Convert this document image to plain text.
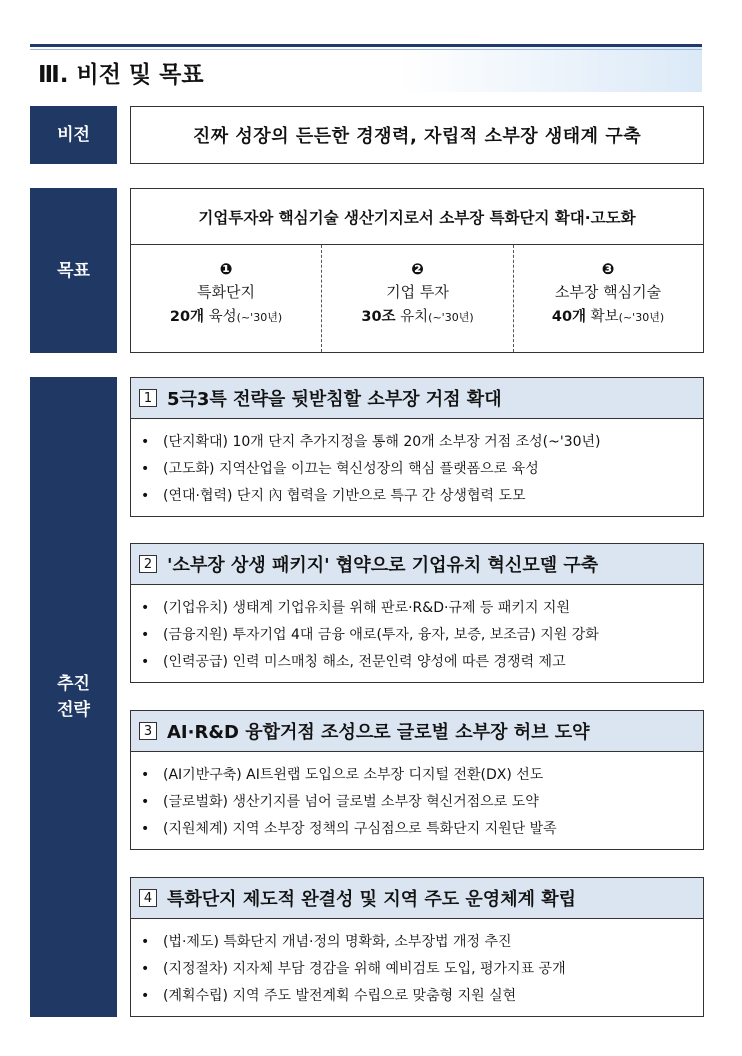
Ⅲ. 비전 및 목표
비전	진짜 성장의 든든한 경쟁력, 자립적 소부장 생태계 구축
목표
기업투자와 핵심기술 생산기지로서 소부장 특화단지 확대·고도화
❶
특화단지
20개 육성(~'30년)
❷
기업 투자
30조 유치(~'30년)
❸
소부장 핵심기술
40개 확보(~'30년)
추진
전략
1 5극3특 전략을 뒷받침할 소부장 거점 확대
• (단지확대) 10개 단지 추가지정을 통해 20개 소부장 거점 조성(~'30년)
• (고도화) 지역산업을 이끄는 혁신성장의 핵심 플랫폼으로 육성
• (연대·협력) 단지 內 협력을 기반으로 특구 간 상생협력 도모
2 '소부장 상생 패키지' 협약으로 기업유치 혁신모델 구축
• (기업유치) 생태계 기업유치를 위해 판로·R&D·규제 등 패키지 지원
• (금융지원) 투자기업 4대 금융 애로(투자, 융자, 보증, 보조금) 지원 강화
• (인력공급) 인력 미스매칭 해소, 전문인력 양성에 따른 경쟁력 제고
3 AI·R&D 융합거점 조성으로 글로벌 소부장 허브 도약
• (AI기반구축) AI트윈랩 도입으로 소부장 디지털 전환(DX) 선도
• (글로벌화) 생산기지를 넘어 글로벌 소부장 혁신거점으로 도약
• (지원체계) 지역 소부장 정책의 구심점으로 특화단지 지원단 발족
4 특화단지 제도적 완결성 및 지역 주도 운영체계 확립
• (법·제도) 특화단지 개념·정의 명확화, 소부장법 개정 추진
• (지정절차) 지자체 부담 경감을 위해 예비검토 도입, 평가지표 공개
• (계획수립) 지역 주도 발전계획 수립으로 맞춤형 지원 실현
